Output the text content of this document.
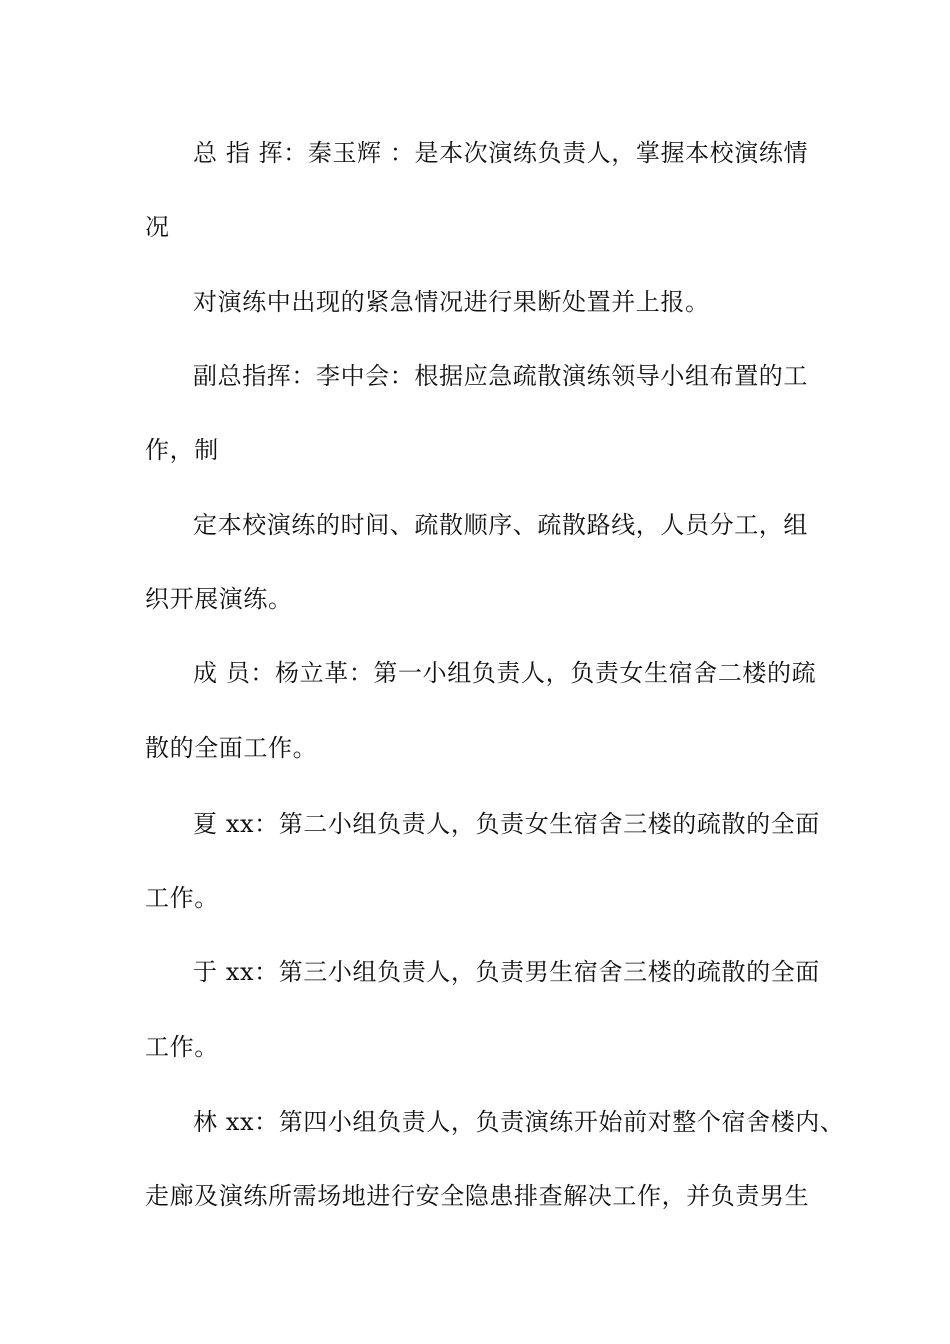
总 指 挥：秦玉辉 ：是本次演练负责人，掌握本校演练情
况
对演练中出现的紧急情况进行果断处置并上报。
副总指挥：李中会：根据应急疏散演练领导小组布置的工
作，制
定本校演练的时间、疏散顺序、疏散路线，人员分工，组
织开展演练。
成 员：杨立革：第一小组负责人，负责女生宿舍二楼的疏
散的全面工作。
夏 xx：第二小组负责人，负责女生宿舍三楼的疏散的全面
工作。
于 xx：第三小组负责人，负责男生宿舍三楼的疏散的全面
工作。
林 xx：第四小组负责人，负责演练开始前对整个宿舍楼内、
走廊及演练所需场地进行安全隐患排查解决工作，并负责男生
